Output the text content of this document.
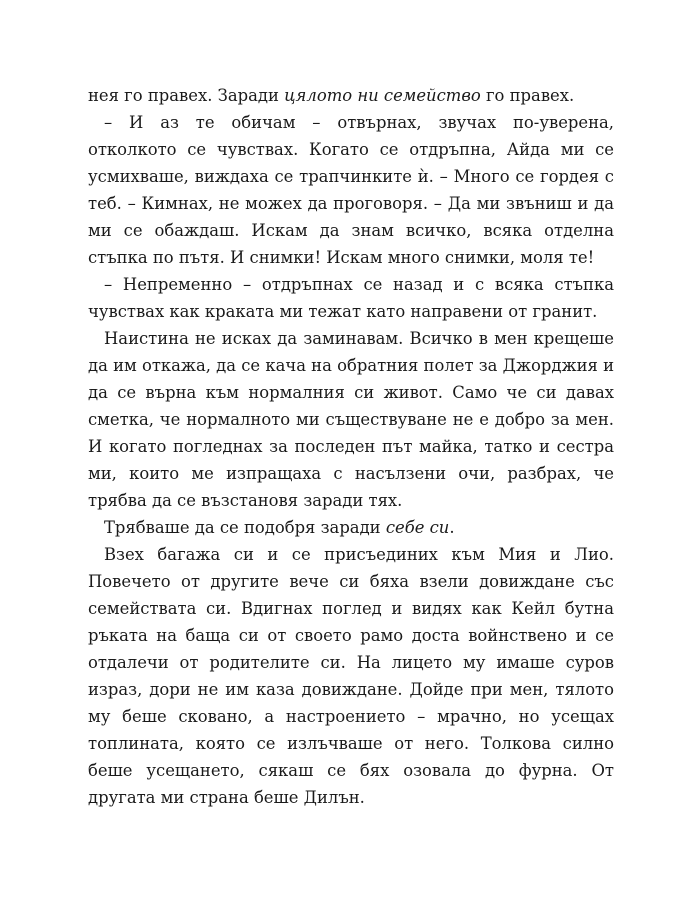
нея го правех. Заради цялото ни семейство го правех.

– И аз те обичам – отвърнах, звучах по-уверена, отколкото се чувствах. Когато се отдръпна, Айда ми се усмихваше, виждаха се трапчинките ѝ. – Много се гордея с теб. – Кимнах, не можех да проговоря. – Да ми звъниш и да ми се обаждаш. Искам да знам всичко, всяка отделна стъпка по пътя. И снимки! Искам много снимки, моля те!

– Непременно – отдръпнах се назад и с всяка стъпка чувствах как краката ми тежат като направени от гранит.

Наистина не исках да заминавам. Всичко в мен крещеше да им откажа, да се кача на обратния полет за Джорджия и да се върна към нормалния си живот. Само че си давах сметка, че нормалното ми съществуване не е добро за мен. И когато погледнах за последен път майка, татко и сестра ми, които ме изпращаха с насълзени очи, разбрах, че трябва да се възстановя заради тях.

Трябваше да се подобря заради себе си.

Взех багажа си и се присъединих към Мия и Лио. Повечето от другите вече си бяха взели довиждане със семействата си. Вдигнах поглед и видях как Кейл бутна ръката на баща си от своето рамо доста войнствено и се отдалечи от родителите си. На лицето му имаше суров израз, дори не им каза довиждане. Дойде при мен, тялото му беше сковано, а настроението – мрачно, но усещах топлината, която се излъчваше от него. Толкова силно беше усещането, сякаш се бях озовала до фурна. От другата ми страна беше Дилън.
